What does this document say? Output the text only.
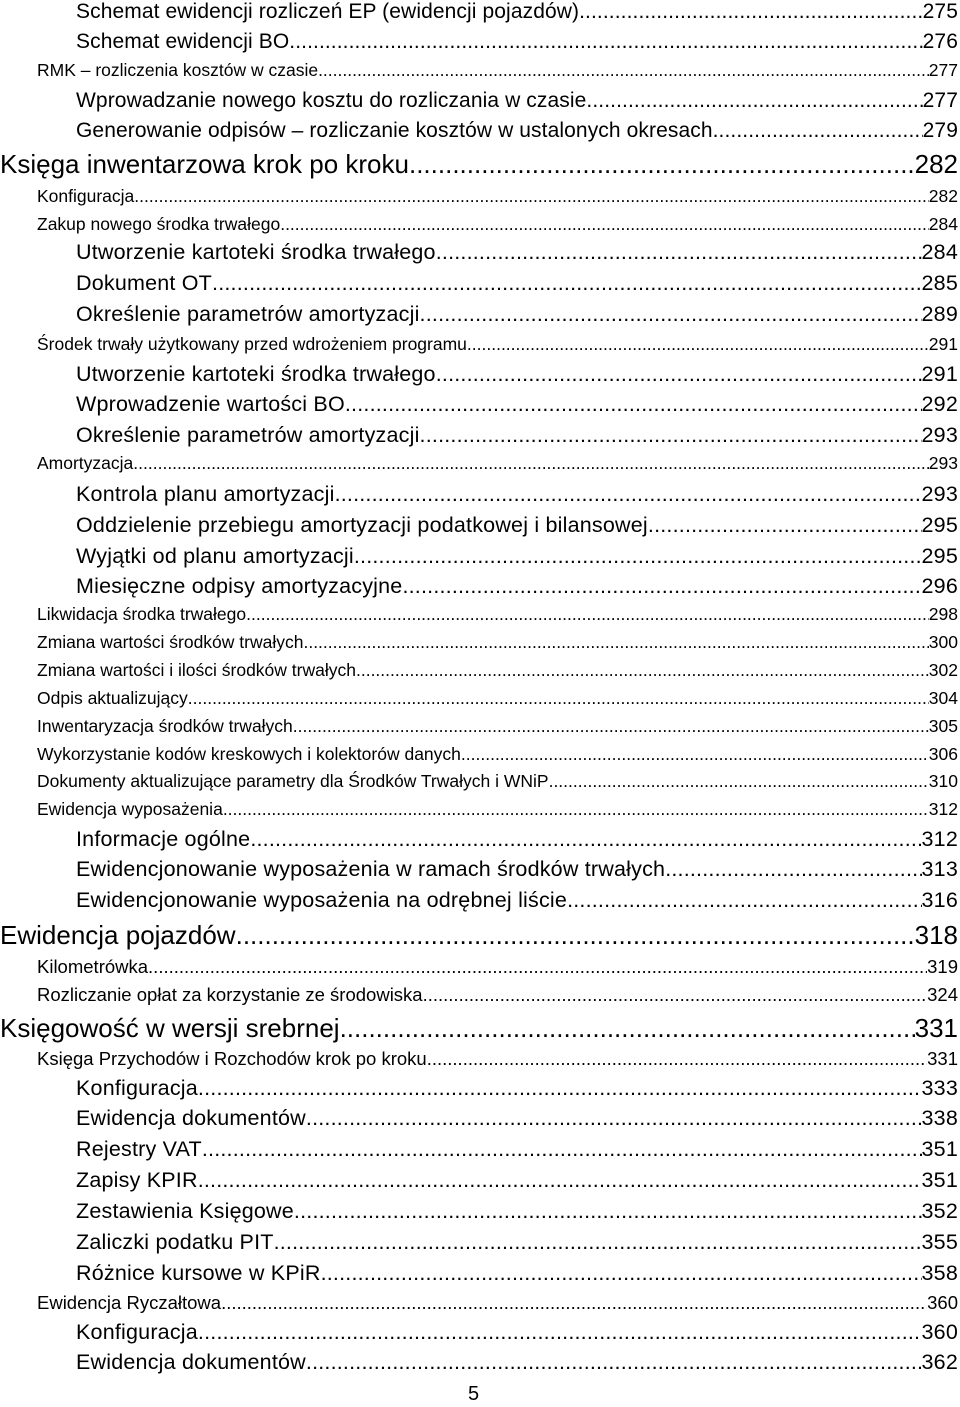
Schemat ewidencji rozliczeń EP (ewidencji pojazdów) .....	275
Schemat ewidencji BO .....	276
RMK – rozliczenia kosztów w czasie .....	277
Wprowadzanie nowego kosztu do rozliczania w czasie .....	277
Generowanie odpisów – rozliczanie kosztów w ustalonych okresach .....	279
Księga inwentarzowa krok po kroku .....	282
Konfiguracja .....	282
Zakup nowego środka trwałego .....	284
Utworzenie kartoteki środka trwałego .....	284
Dokument OT .....	285
Określenie parametrów amortyzacji .....	289
Środek trwały użytkowany przed wdrożeniem programu .....	291
Utworzenie kartoteki środka trwałego .....	291
Wprowadzenie wartości BO .....	292
Określenie parametrów amortyzacji .....	293
Amortyzacja .....	293
Kontrola planu amortyzacji .....	293
Oddzielenie przebiegu amortyzacji podatkowej i bilansowej. .....	295
Wyjątki od planu amortyzacji .....	295
Miesięczne odpisy amortyzacyjne .....	296
Likwidacja środka trwałego .....	298
Zmiana wartości środków trwałych .....	300
Zmiana wartości i ilości środków trwałych .....	302
Odpis aktualizujący .....	304
Inwentaryzacja środków trwałych .....	305
Wykorzystanie kodów kreskowych i kolektorów danych .....	306
Dokumenty aktualizujące parametry dla Środków Trwałych i WNiP .....	310
Ewidencja wyposażenia .....	312
Informacje ogólne .....	312
Ewidencjonowanie wyposażenia w ramach środków trwałych .....	313
Ewidencjonowanie wyposażenia na odrębnej liście .....	316
Ewidencja pojazdów .....	318
Kilometrówka .....	319
Rozliczanie opłat za korzystanie ze środowiska .....	324
Księgowość w wersji srebrnej .....	331
Księga Przychodów i Rozchodów krok po kroku .....	331
Konfiguracja .....	333
Ewidencja dokumentów .....	338
Rejestry VAT .....	351
Zapisy KPIR .....	351
Zestawienia Księgowe .....	352
Zaliczki podatku PIT .....	355
Różnice kursowe w KPiR .....	358
Ewidencja Ryczałtowa .....	360
Konfiguracja .....	360
Ewidencja dokumentów .....	362
5
